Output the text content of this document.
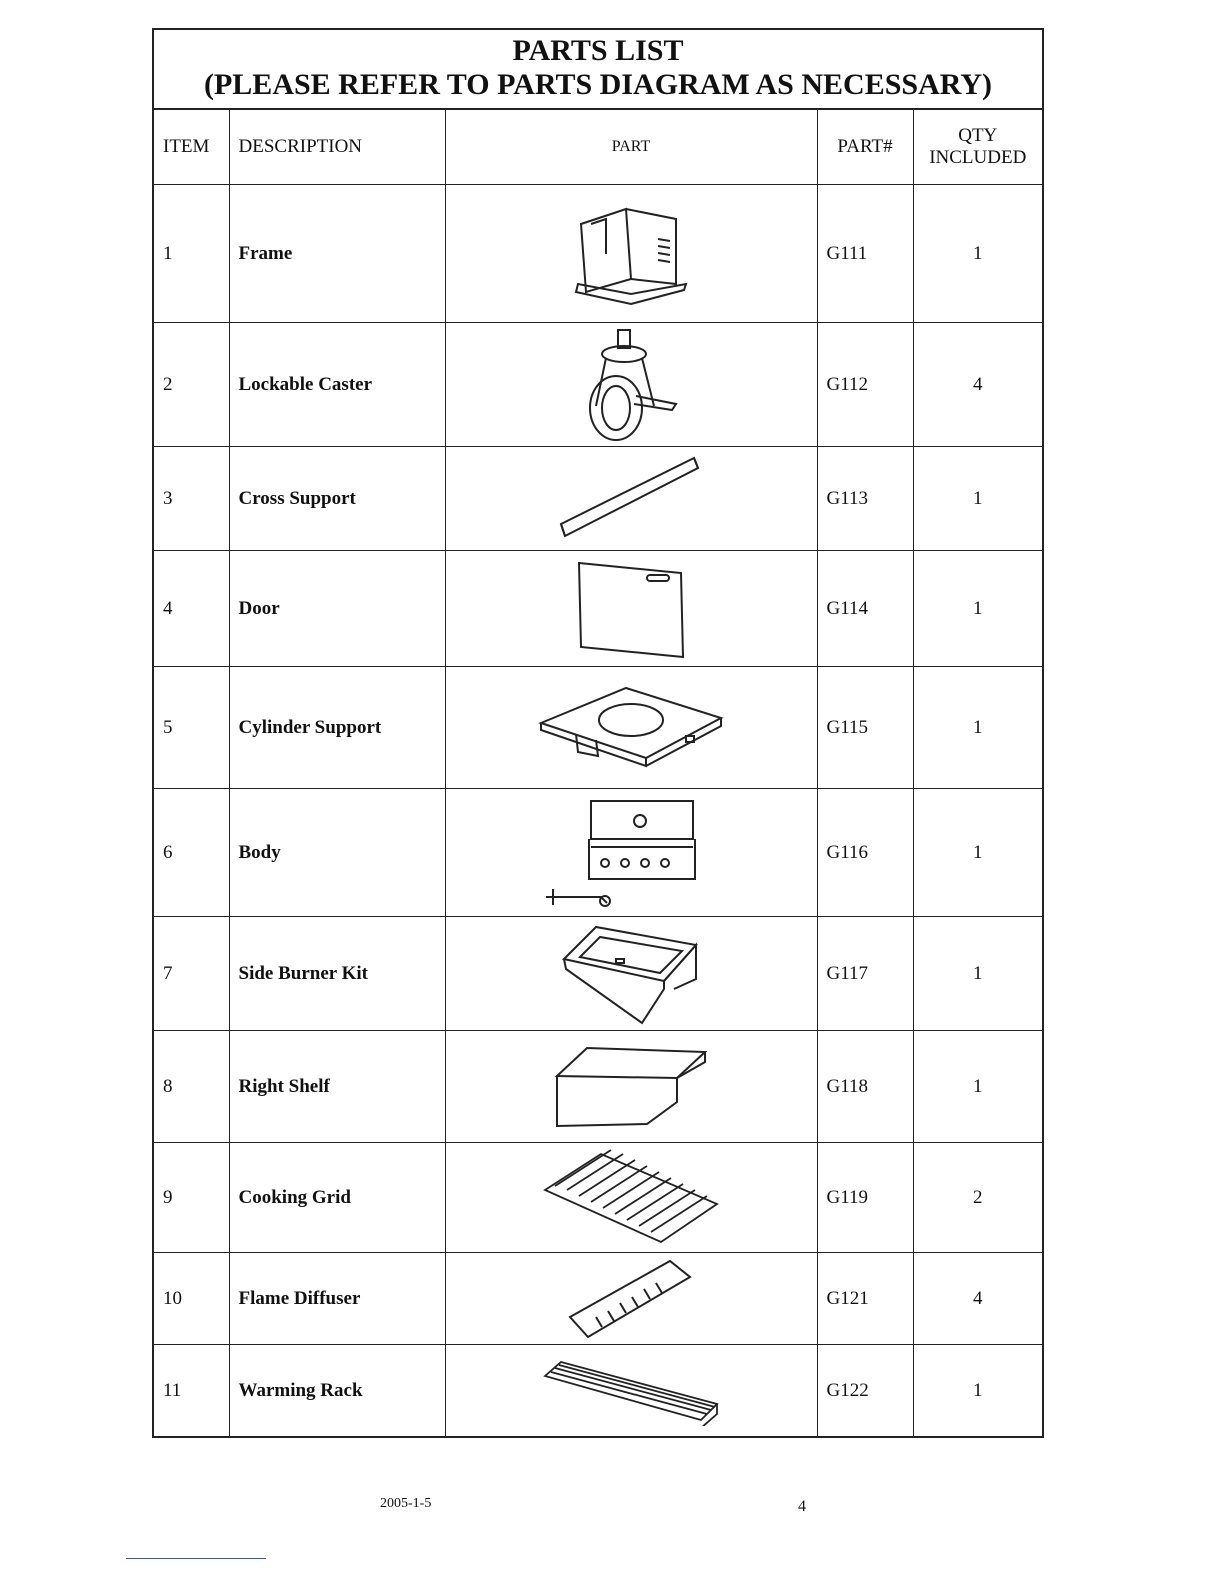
PARTS LIST
(PLEASE REFER TO PARTS DIAGRAM AS NECESSARY)
ITEM	DESCRIPTION	PART	PART#	QTY
INCLUDED

1	Frame		G111	1
2	Lockable Caster		G112	4
3	Cross Support		G113	1
4	Door		G114	1
5	Cylinder Support		G115	1
6	Body		G116	1
7	Side Burner Kit		G117	1
8	Right Shelf		G118	1
9	Cooking Grid		G119	2
10	Flame Diffuser		G121	4
11	Warming Rack		G122	1
2005-1-5	4
